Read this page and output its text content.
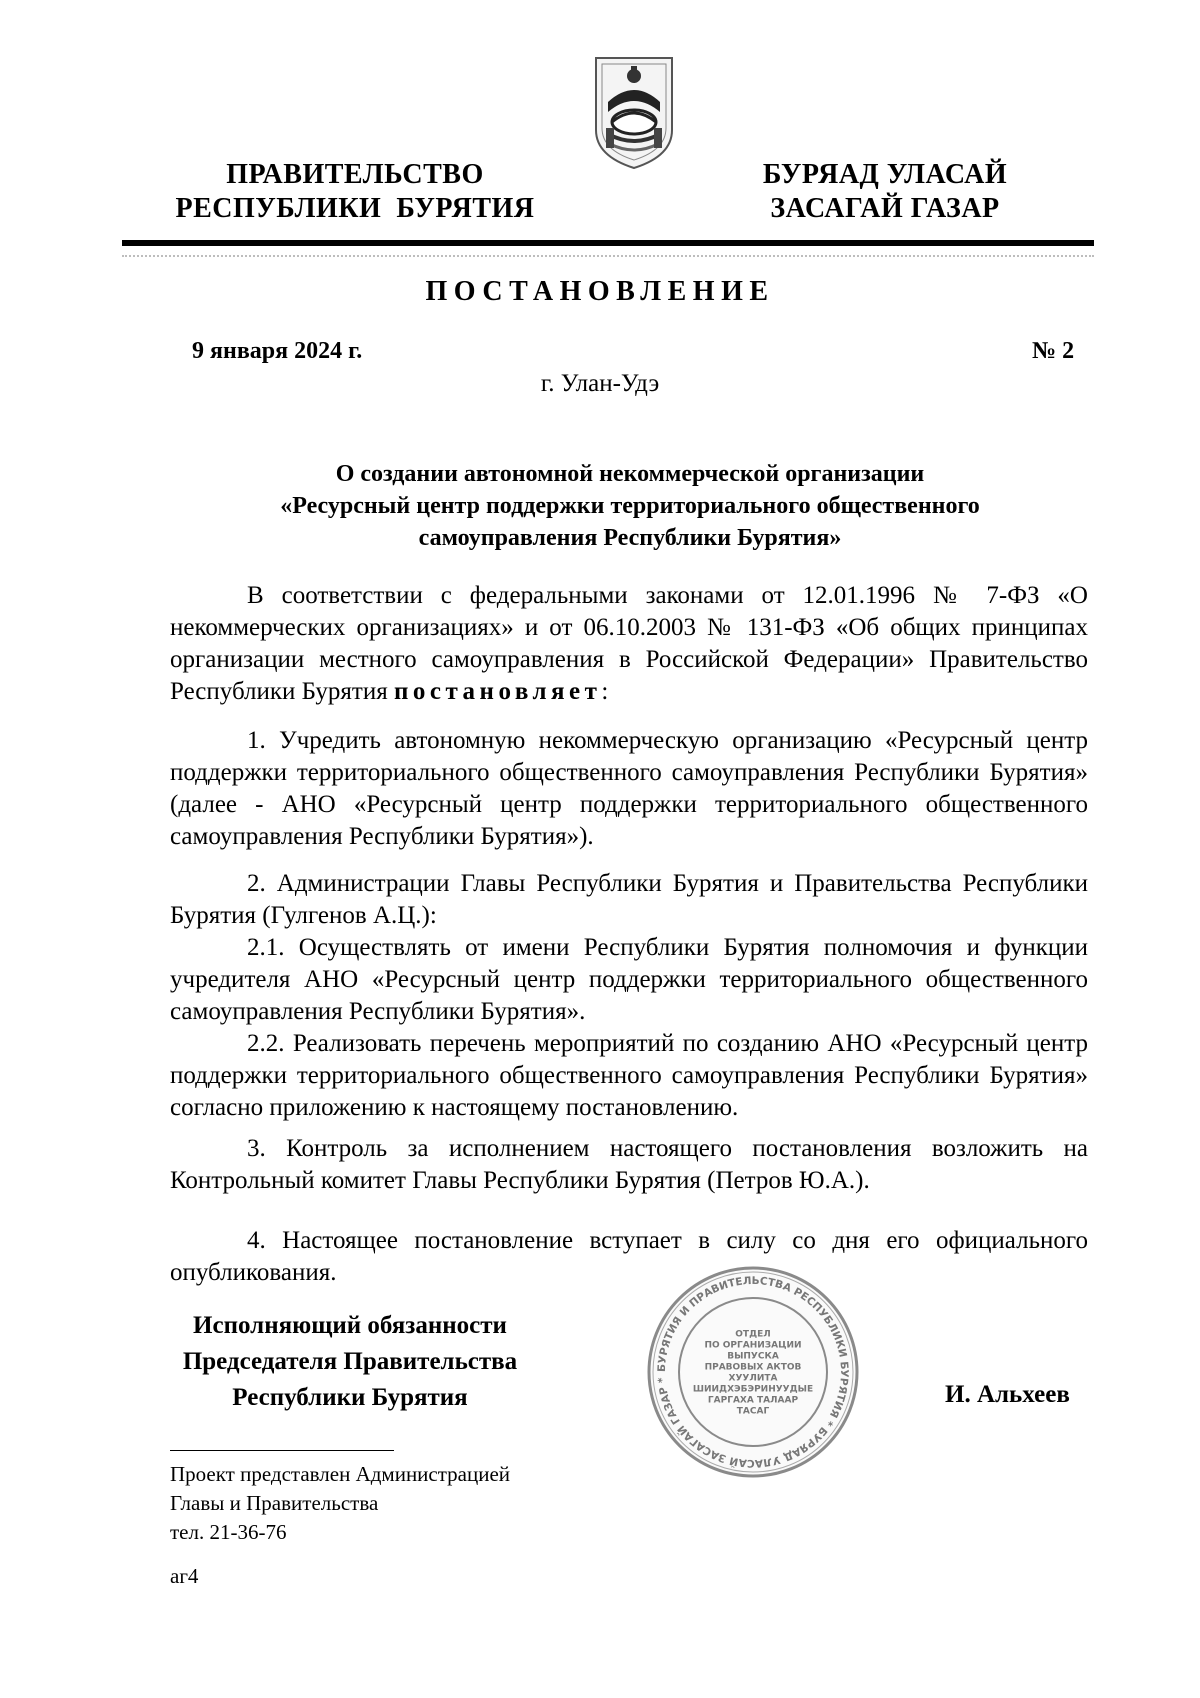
ПРАВИТЕЛЬСТВО
РЕСПУБЛИКИ  БУРЯТИЯ
БУРЯАД УЛАСАЙ
ЗАСАГАЙ ГАЗАР
ПОСТАНОВЛЕНИЕ
9 января 2024 г.	№ 2
г. Улан-Удэ
О создании автономной некоммерческой организации
«Ресурсный центр поддержки территориального общественного
самоуправления Республики Бурятия»
В соответствии с федеральными законами от 12.01.1996 № 7-ФЗ «О некоммерческих организациях» и от 06.10.2003 № 131-ФЗ «Об общих принципах организации местного самоуправления в Российской Федерации» Правительство Республики Бурятия постановляет:
1. Учредить автономную некоммерческую организацию «Ресурсный центр поддержки территориального общественного самоуправления Республики Бурятия» (далее - АНО «Ресурсный центр поддержки территориального общественного самоуправления Республики Бурятия»).
2. Администрации Главы Республики Бурятия и Правительства Республики Бурятия (Гулгенов А.Ц.):
2.1. Осуществлять от имени Республики Бурятия полномочия и функции учредителя АНО «Ресурсный центр поддержки территориального общественного самоуправления Республики Бурятия».
2.2. Реализовать перечень мероприятий по созданию АНО «Ресурсный центр поддержки территориального общественного самоуправления Республики Бурятия» согласно приложению к настоящему постановлению.
3. Контроль за исполнением настоящего постановления возложить на Контрольный комитет Главы Республики Бурятия (Петров Ю.А.).
4. Настоящее постановление вступает в силу со дня его официального опубликования.
Исполняющий обязанности
Председателя Правительства
Республики Бурятия
БУРЯТИЯ И ПРАВИТЕЛЬСТВА РЕСПУБЛИКИ БУРЯТИЯ * БУРЯАД УЛАСАЙ ЗАСАГАЙ ГАЗАР *
ОТДЕЛ
ПО ОРГАНИЗАЦИИ
ВЫПУСКА
ПРАВОВЫХ АКТОВ
ХУУЛИТА
ШИИДХЭБЭРИНУУДЫЕ
ГАРГАХА ТАЛААР
ТАСАГ
И. Альхеев
Проект представлен Администрацией
Главы и Правительства
тел. 21-36-76
аг4
